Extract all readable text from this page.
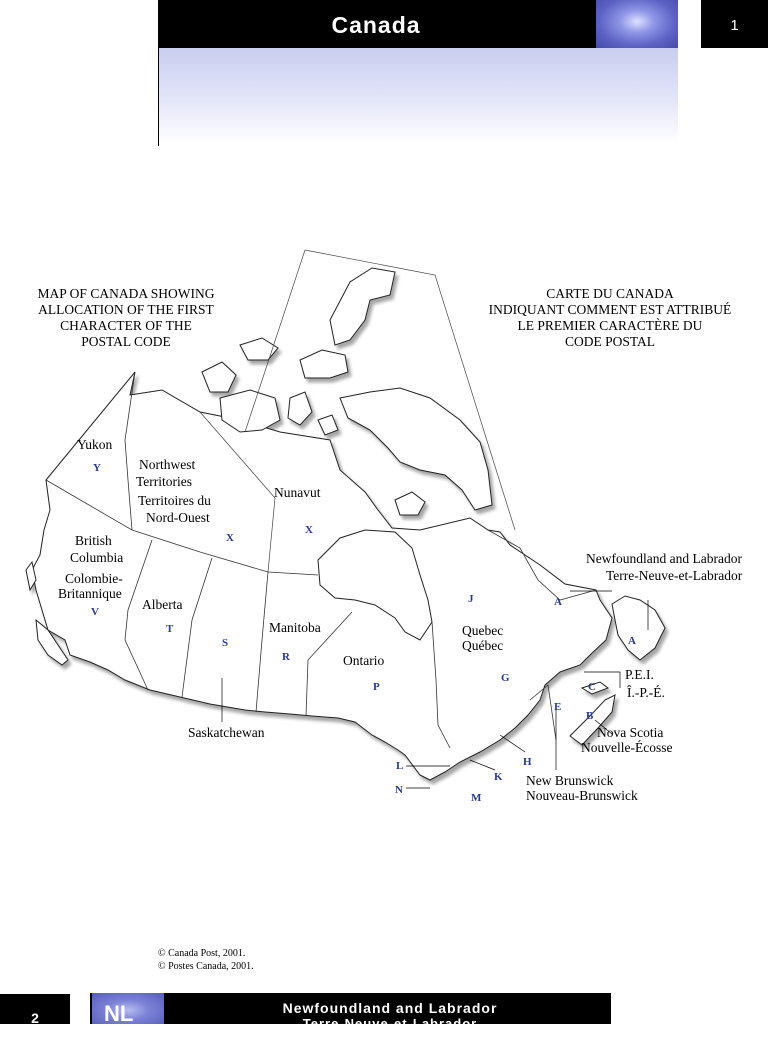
Canada	1

MAP OF CANADA SHOWING
ALLOCATION OF THE FIRST
CHARACTER OF THE
POSTAL CODE

CARTE DU CANADA
INDIQUANT COMMENT EST ATTRIBUÉ
LE PREMIER CARACTÈRE DU
CODE POSTAL

Yukon
Northwest
Territories
Territoires du
Nord-Ouest
Nunavut
British
Columbia
Colombie-
Britannique
Alberta
Saskatchewan
Manitoba
Ontario
Quebec
Québec
Newfoundland and Labrador
Terre-Neuve-et-Labrador
P.E.I.
Î.-P.-É.
Nova Scotia
Nouvelle-Écosse
New Brunswick
Nouveau-Brunswick
Y
X
X
V
T
S
R
P
J
G
A
A
C
B
E
H
K
M
L
N
© Canada Post, 2001.
© Postes Canada, 2001.
2	NL	Newfoundland and Labrador
Terre-Neuve-et-Labrador
